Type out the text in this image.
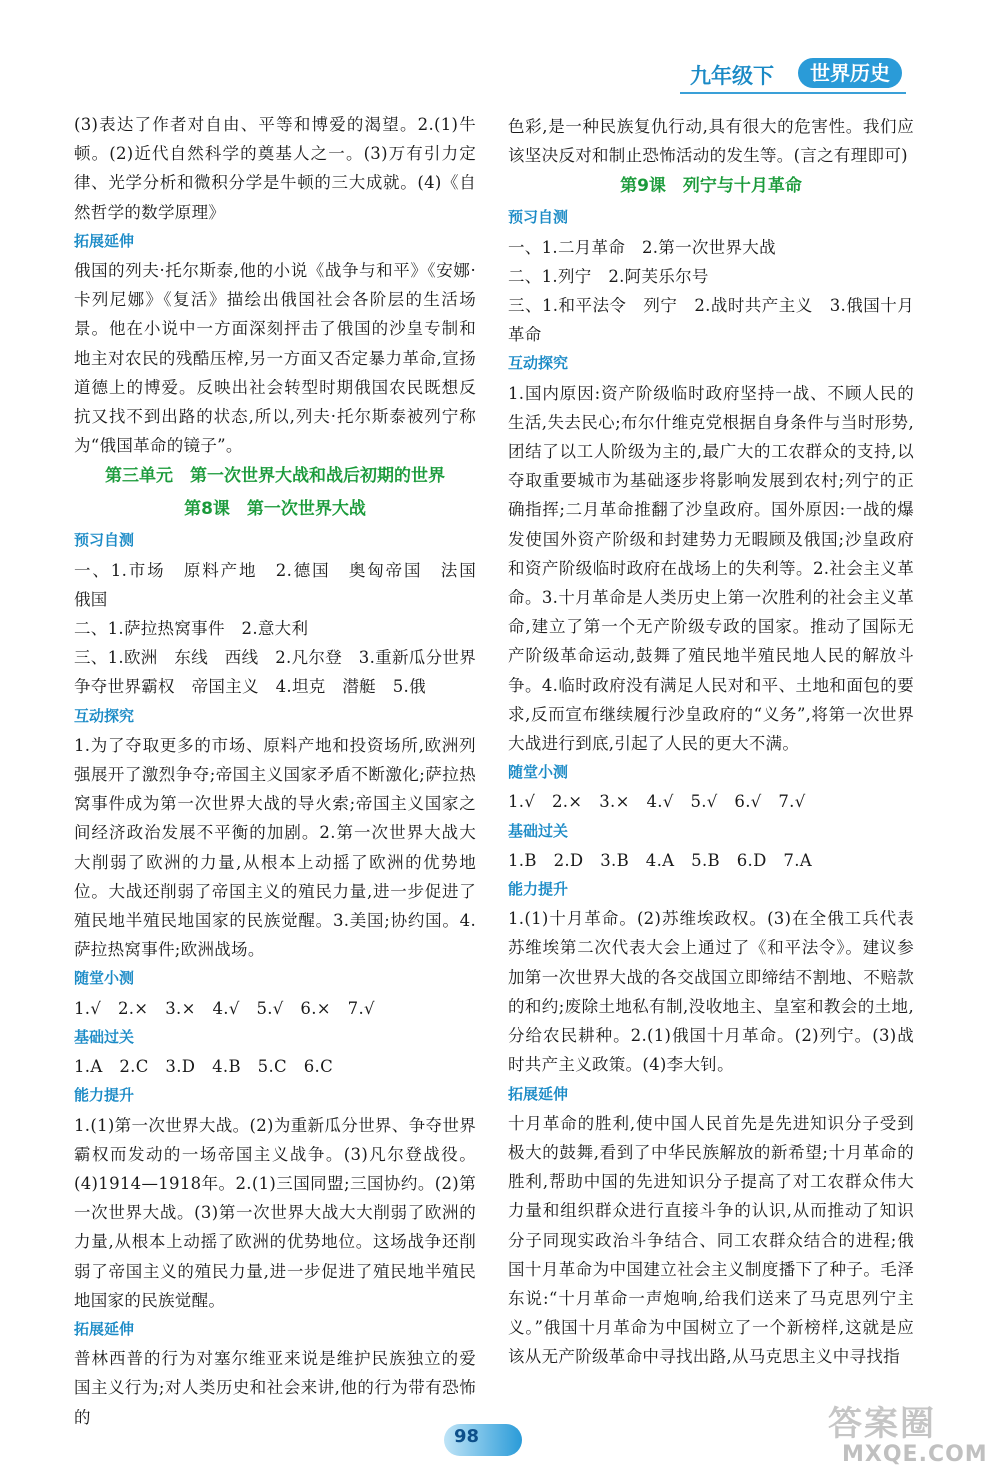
九年级下	世界历史

(3)表达了作者对自由、平等和博爱的渴望。2.(1)牛顿。(2)近代自然科学的奠基人之一。(3)万有引力定律、光学分析和微积分学是牛顿的三大成就。(4)《自然哲学的数学原理》

拓展延伸

俄国的列夫·托尔斯泰,他的小说《战争与和平》《安娜·卡列尼娜》《复活》描绘出俄国社会各阶层的生活场景。他在小说中一方面深刻抨击了俄国的沙皇专制和地主对农民的残酷压榨,另一方面又否定暴力革命,宣扬道德上的博爱。反映出社会转型时期俄国农民既想反抗又找不到出路的状态,所以,列夫·托尔斯泰被列宁称为“俄国革命的镜子”。

第三单元　第一次世界大战和战后初期的世界

第8课　第一次世界大战

预习自测

一、1.市场　原料产地　2.德国　奥匈帝国　法国　俄国

二、1.萨拉热窝事件　2.意大利

三、1.欧洲　东线　西线　2.凡尔登　3.重新瓜分世界　争夺世界霸权　帝国主义　4.坦克　潜艇　5.俄

互动探究

1.为了夺取更多的市场、原料产地和投资场所,欧洲列强展开了激烈争夺;帝国主义国家矛盾不断激化;萨拉热窝事件成为第一次世界大战的导火索;帝国主义国家之间经济政治发展不平衡的加剧。2.第一次世界大战大大削弱了欧洲的力量,从根本上动摇了欧洲的优势地位。大战还削弱了帝国主义的殖民力量,进一步促进了殖民地半殖民地国家的民族觉醒。3.美国;协约国。4.萨拉热窝事件;欧洲战场。

随堂小测

1.√　2.×　3.×　4.√　5.√　6.×　7.√

基础过关

1.A　2.C　3.D　4.B　5.C　6.C

能力提升

1.(1)第一次世界大战。(2)为重新瓜分世界、争夺世界霸权而发动的一场帝国主义战争。(3)凡尔登战役。(4)1914—1918年。2.(1)三国同盟;三国协约。(2)第一次世界大战。(3)第一次世界大战大大削弱了欧洲的力量,从根本上动摇了欧洲的优势地位。这场战争还削弱了帝国主义的殖民力量,进一步促进了殖民地半殖民地国家的民族觉醒。

拓展延伸

普林西普的行为对塞尔维亚来说是维护民族独立的爱国主义行为;对人类历史和社会来讲,他的行为带有恐怖的

色彩,是一种民族复仇行动,具有很大的危害性。我们应该坚决反对和制止恐怖活动的发生等。(言之有理即可)

第9课　列宁与十月革命

预习自测

一、1.二月革命　2.第一次世界大战

二、1.列宁　2.阿芙乐尔号

三、1.和平法令　列宁　2.战时共产主义　3.俄国十月革命

互动探究

1.国内原因:资产阶级临时政府坚持一战、不顾人民的生活,失去民心;布尔什维克党根据自身条件与当时形势,团结了以工人阶级为主的,最广大的工农群众的支持,以夺取重要城市为基础逐步将影响发展到农村;列宁的正确指挥;二月革命推翻了沙皇政府。国外原因:一战的爆发使国外资产阶级和封建势力无暇顾及俄国;沙皇政府和资产阶级临时政府在战场上的失利等。2.社会主义革命。3.十月革命是人类历史上第一次胜利的社会主义革命,建立了第一个无产阶级专政的国家。推动了国际无产阶级革命运动,鼓舞了殖民地半殖民地人民的解放斗争。4.临时政府没有满足人民对和平、土地和面包的要求,反而宣布继续履行沙皇政府的“义务”,将第一次世界大战进行到底,引起了人民的更大不满。

随堂小测

1.√　2.×　3.×　4.√　5.√　6.√　7.√

基础过关

1.B　2.D　3.B　4.A　5.B　6.D　7.A

能力提升

1.(1)十月革命。(2)苏维埃政权。(3)在全俄工兵代表苏维埃第二次代表大会上通过了《和平法令》。建议参加第一次世界大战的各交战国立即缔结不割地、不赔款的和约;废除土地私有制,没收地主、皇室和教会的土地,分给农民耕种。2.(1)俄国十月革命。(2)列宁。(3)战时共产主义政策。(4)李大钊。

拓展延伸

十月革命的胜利,使中国人民首先是先进知识分子受到极大的鼓舞,看到了中华民族解放的新希望;十月革命的胜利,帮助中国的先进知识分子提高了对工农群众伟大力量和组织群众进行直接斗争的认识,从而推动了知识分子同现实政治斗争结合、同工农群众结合的进程;俄国十月革命为中国建立社会主义制度播下了种子。毛泽东说:“十月革命一声炮响,给我们送来了马克思列宁主义。”俄国十月革命为中国树立了一个新榜样,这就是应该从无产阶级革命中寻找出路,从马克思主义中寻找指

98	答案圈
MXQE.COM
